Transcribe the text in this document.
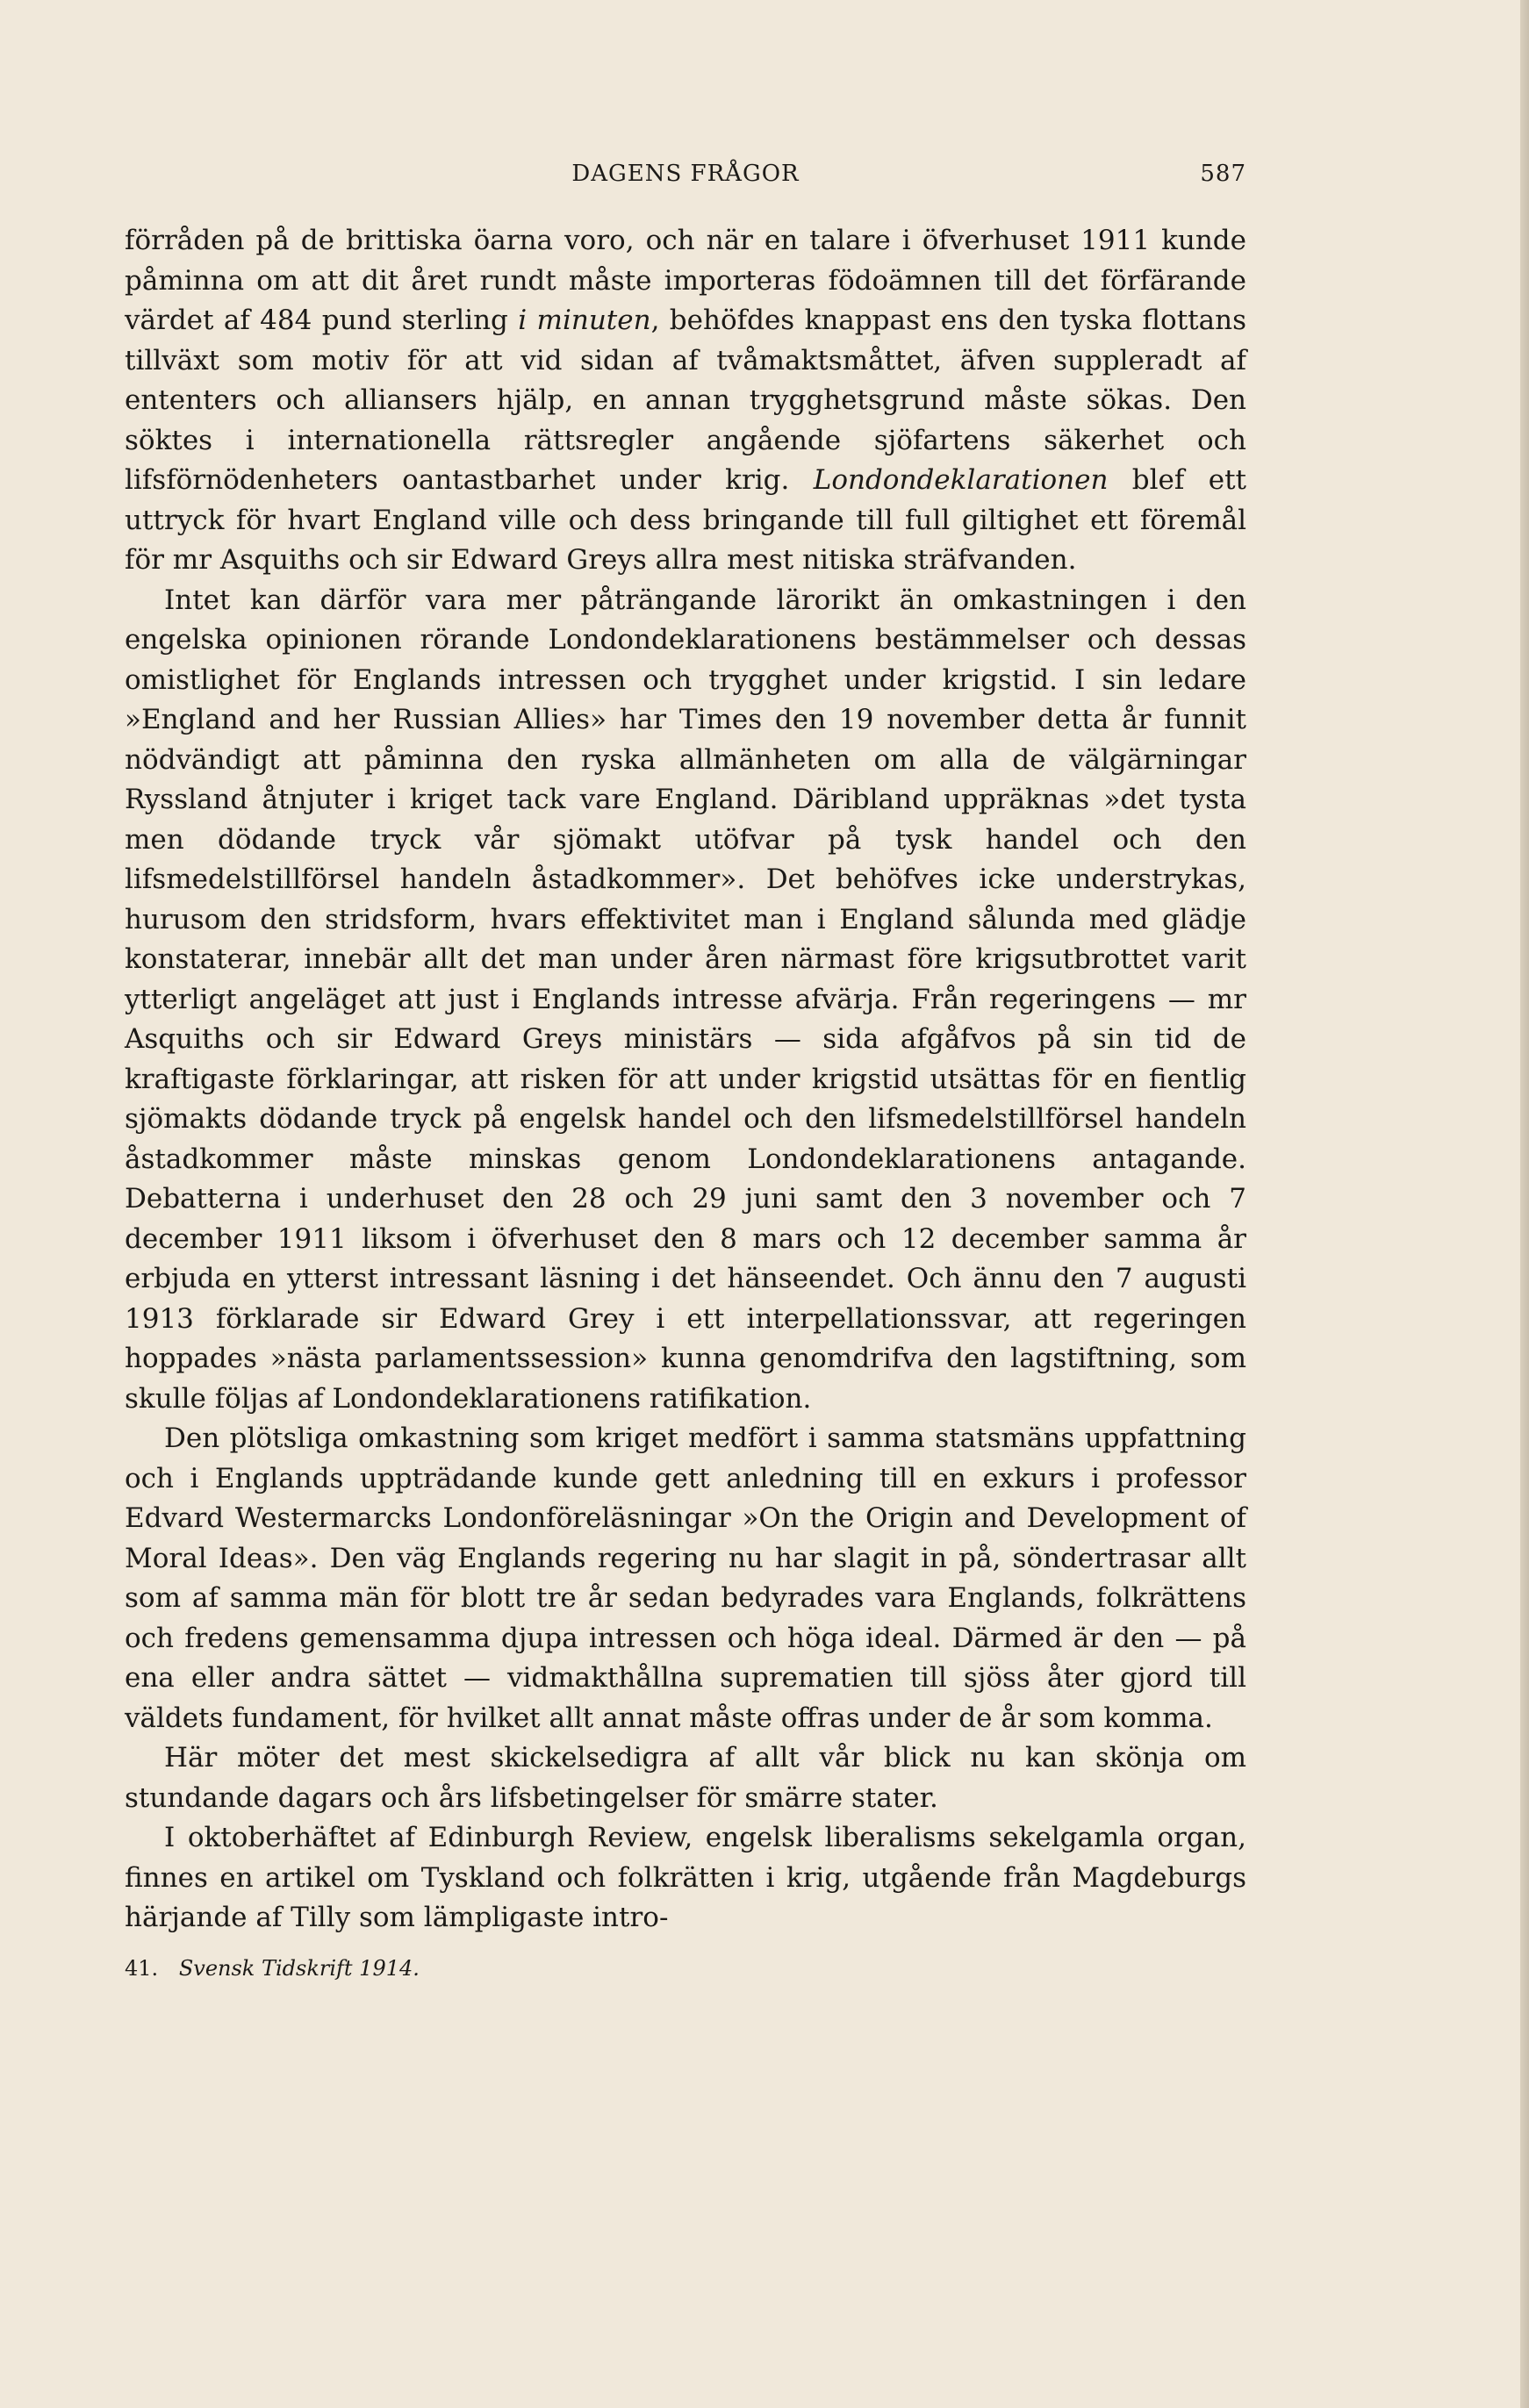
DAGENS FRÅGOR	587

förråden på de brittiska öarna voro, och när en talare i öfverhuset 1911 kunde påminna om att dit året rundt måste importeras födoämnen till det förfärande värdet af 484 pund sterling i minuten, behöfdes knappast ens den tyska flottans tillväxt som motiv för att vid sidan af tvåmaktsmåttet, äfven suppleradt af ententers och alliansers hjälp, en annan trygghetsgrund måste sökas. Den söktes i internationella rättsregler angående sjöfartens säkerhet och lifsförnödenheters oantastbarhet under krig. Londondeklarationen blef ett uttryck för hvart England ville och dess bringande till full giltighet ett föremål för mr Asquiths och sir Edward Greys allra mest nitiska sträfvanden.

Intet kan därför vara mer påträngande lärorikt än omkastningen i den engelska opinionen rörande Londondeklarationens bestämmelser och dessas omistlighet för Englands intressen och trygghet under krigstid. I sin ledare »England and her Russian Allies» har Times den 19 november detta år funnit nödvändigt att påminna den ryska allmänheten om alla de välgärningar Ryssland åtnjuter i kriget tack vare England. Däribland uppräknas »det tysta men dödande tryck vår sjömakt utöfvar på tysk handel och den lifsmedelstillförsel handeln åstadkommer». Det behöfves icke understrykas, hurusom den stridsform, hvars effektivitet man i England sålunda med glädje konstaterar, innebär allt det man under åren närmast före krigsutbrottet varit ytterligt angeläget att just i Englands intresse afvärja. Från regeringens — mr Asquiths och sir Edward Greys ministärs — sida afgåfvos på sin tid de kraftigaste förklaringar, att risken för att under krigstid utsättas för en fientlig sjömakts dödande tryck på engelsk handel och den lifsmedelstillförsel handeln åstadkommer måste minskas genom Londondeklarationens antagande. Debatterna i underhuset den 28 och 29 juni samt den 3 november och 7 december 1911 liksom i öfverhuset den 8 mars och 12 december samma år erbjuda en ytterst intressant läsning i det hänseendet. Och ännu den 7 augusti 1913 förklarade sir Edward Grey i ett interpellationssvar, att regeringen hoppades »nästa parlamentssession» kunna genomdrifva den lagstiftning, som skulle följas af Londondeklarationens ratifikation.

Den plötsliga omkastning som kriget medfört i samma statsmäns uppfattning och i Englands uppträdande kunde gett anledning till en exkurs i professor Edvard Westermarcks Londonföreläsningar »On the Origin and Development of Moral Ideas». Den väg Englands regering nu har slagit in på, söndertrasar allt som af samma män för blott tre år sedan bedyrades vara Englands, folkrättens och fredens gemensamma djupa intressen och höga ideal. Därmed är den — på ena eller andra sättet — vidmakthållna suprematien till sjöss åter gjord till väldets fundament, för hvilket allt annat måste offras under de år som komma.

Här möter det mest skickelsedigra af allt vår blick nu kan skönja om stundande dagars och års lifsbetingelser för smärre stater.

I oktoberhäftet af Edinburgh Review, engelsk liberalisms sekelgamla organ, finnes en artikel om Tyskland och folkrätten i krig, utgående från Magdeburgs härjande af Tilly som lämpligaste intro-

41. Svensk Tidskrift 1914.
